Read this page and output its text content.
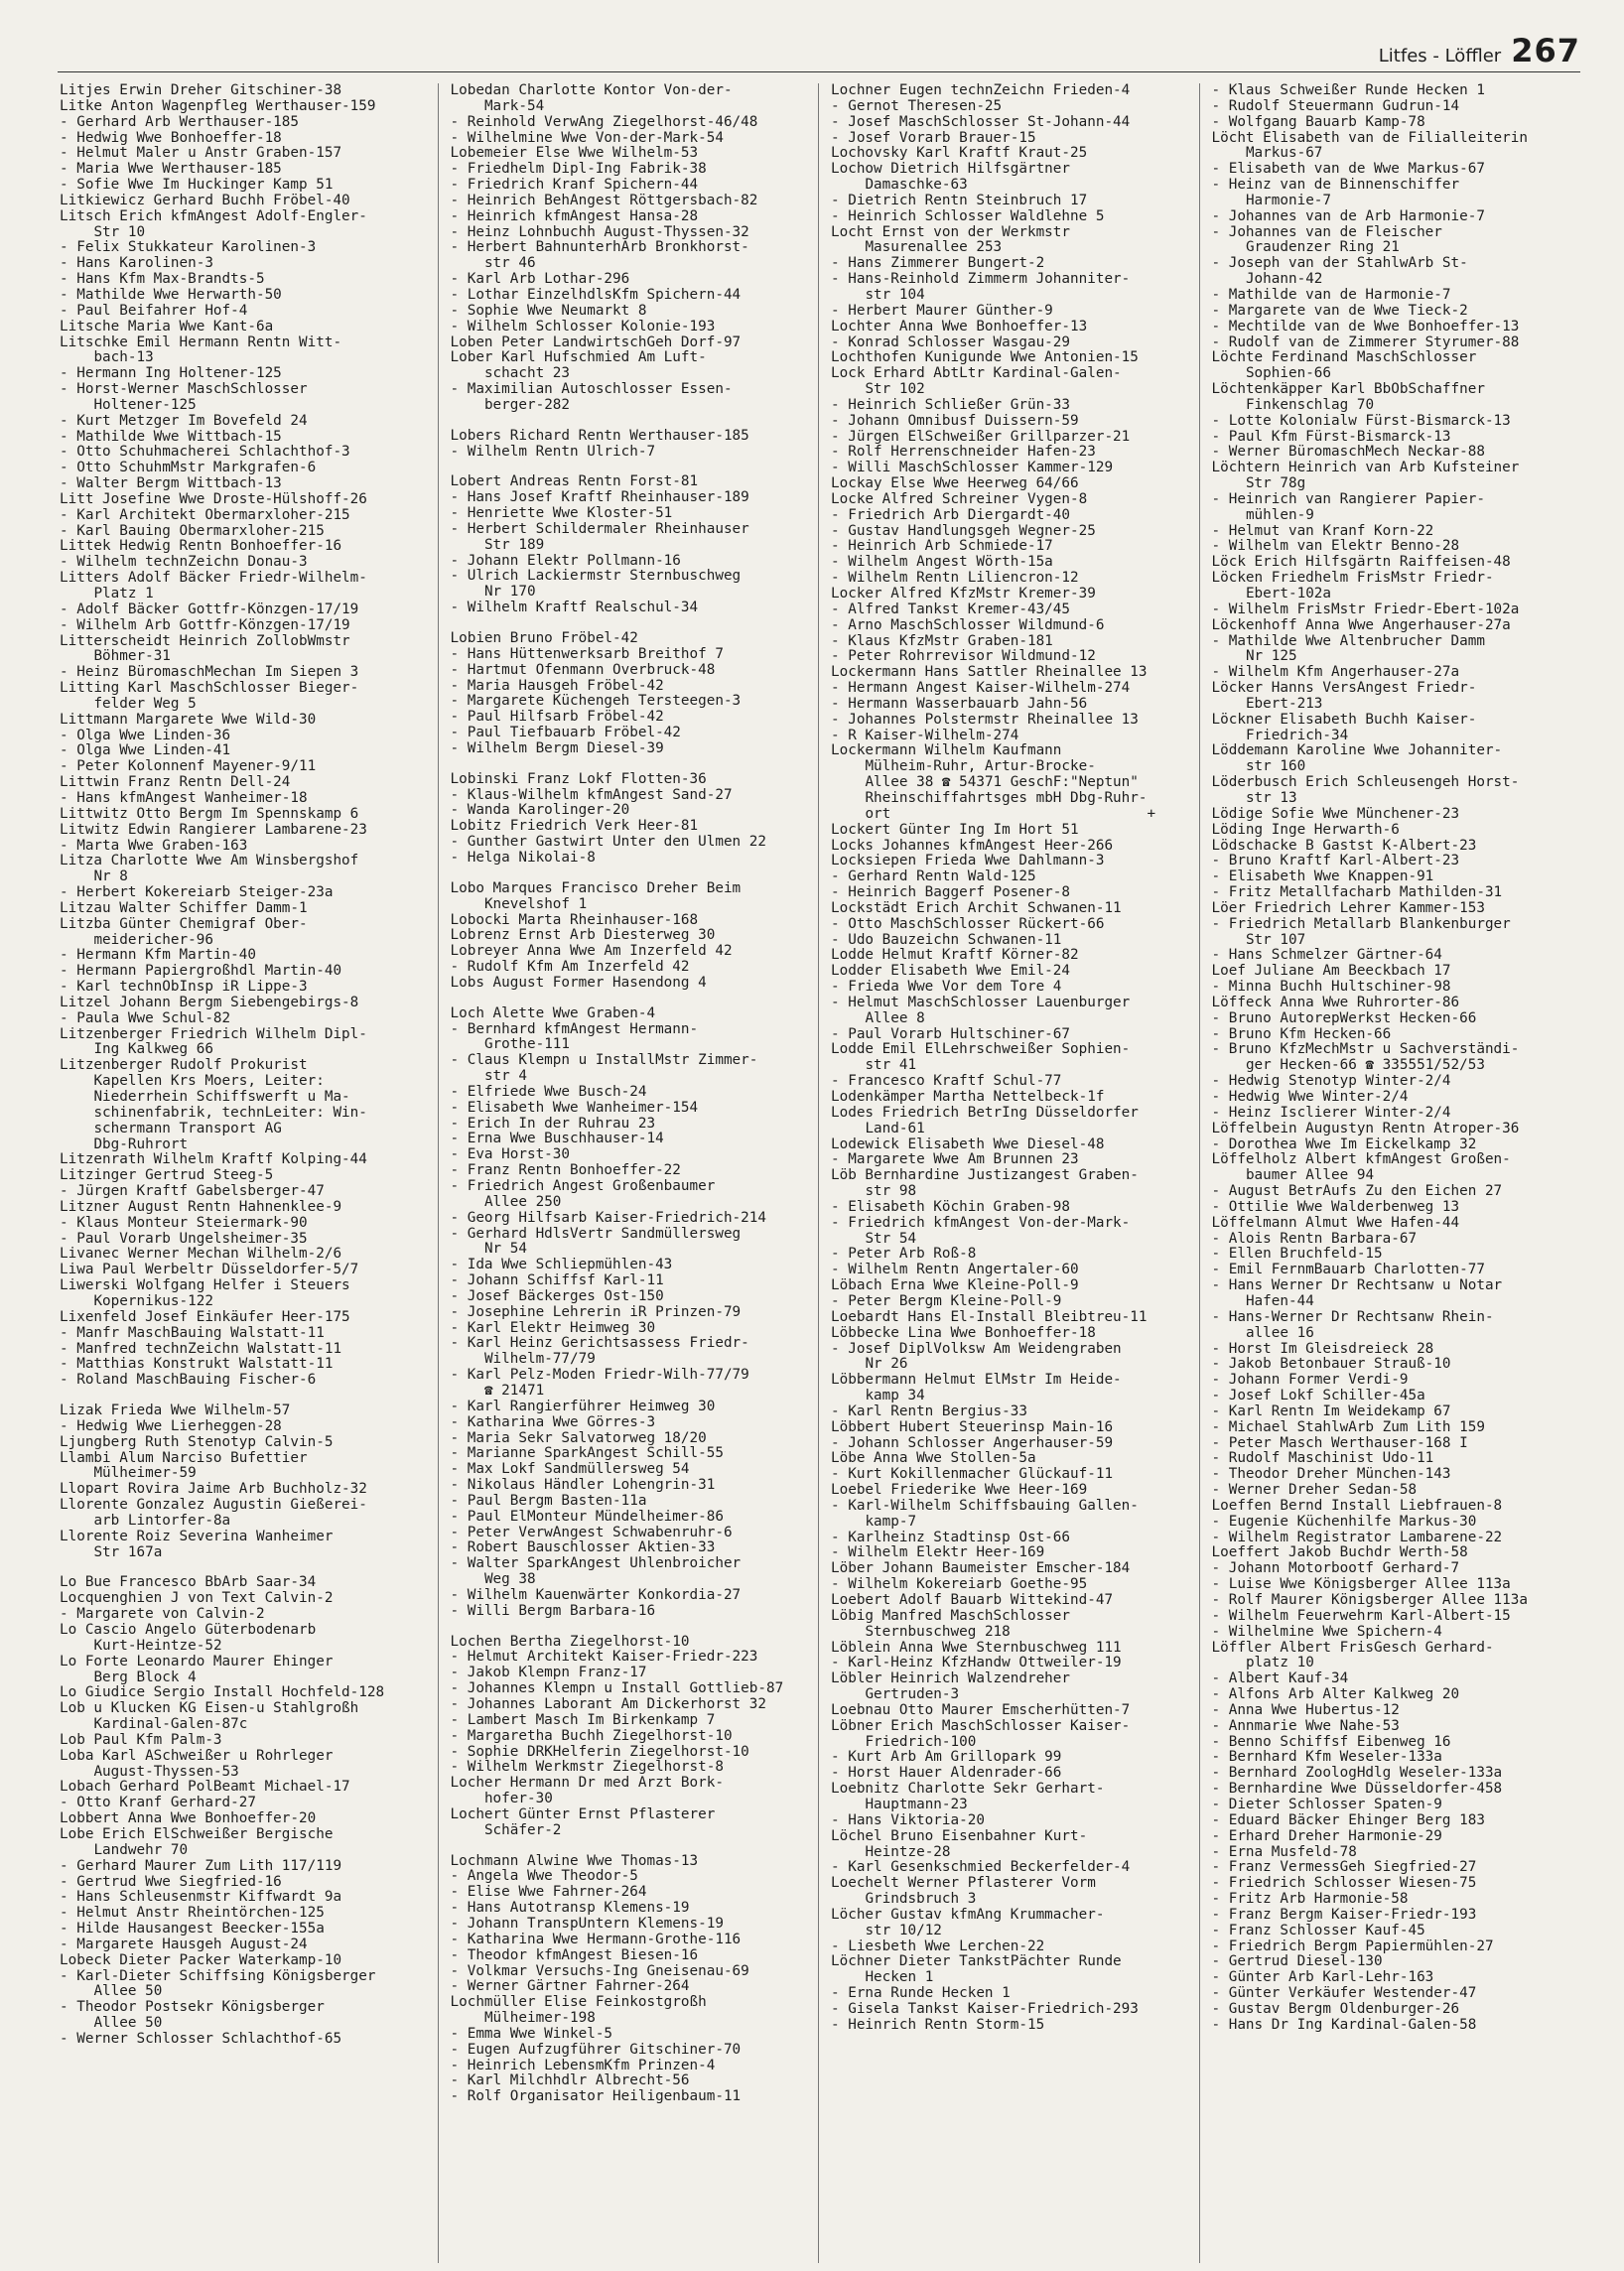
Litfes - Löffler 267
Litjes Erwin Dreher Gitschiner-38
Litke Anton Wagenpfleg Werthauser-159
- Gerhard Arb Werthauser-185
- Hedwig Wwe Bonhoeffer-18
- Helmut Maler u Anstr Graben-157
- Maria Wwe Werthauser-185
- Sofie Wwe Im Huckinger Kamp 51
Litkiewicz Gerhard Buchh Fröbel-40
Litsch Erich kfmAngest Adolf-Engler-
Str 10
- Felix Stukkateur Karolinen-3
- Hans Karolinen-3
- Hans Kfm Max-Brandts-5
- Mathilde Wwe Herwarth-50
- Paul Beifahrer Hof-4
Litsche Maria Wwe Kant-6a
Litschke Emil Hermann Rentn Witt-
bach-13
- Hermann Ing Holtener-125
- Horst-Werner MaschSchlosser
Holtener-125
- Kurt Metzger Im Bovefeld 24
- Mathilde Wwe Wittbach-15
- Otto Schuhmacherei Schlachthof-3
- Otto SchuhmMstr Markgrafen-6
- Walter Bergm Wittbach-13
Litt Josefine Wwe Droste-Hülshoff-26
- Karl Architekt Obermarxloher-215
- Karl Bauing Obermarxloher-215
Littek Hedwig Rentn Bonhoeffer-16
- Wilhelm technZeichn Donau-3
Litters Adolf Bäcker Friedr-Wilhelm-
Platz 1
- Adolf Bäcker Gottfr-Könzgen-17/19
- Wilhelm Arb Gottfr-Könzgen-17/19
Litterscheidt Heinrich ZollobWmstr
Böhmer-31
- Heinz BüromaschMechan Im Siepen 3
Litting Karl MaschSchlosser Bieger-
felder Weg 5
Littmann Margarete Wwe Wild-30
- Olga Wwe Linden-36
- Olga Wwe Linden-41
- Peter Kolonnenf Mayener-9/11
Littwin Franz Rentn Dell-24
- Hans kfmAngest Wanheimer-18
Littwitz Otto Bergm Im Spennskamp 6
Litwitz Edwin Rangierer Lambarene-23
- Marta Wwe Graben-163
Litza Charlotte Wwe Am Winsbergshof
Nr 8
- Herbert Kokereiarb Steiger-23a
Litzau Walter Schiffer Damm-1
Litzba Günter Chemigraf Ober-
meidericher-96
- Hermann Kfm Martin-40
- Hermann Papiergroßhdl Martin-40
- Karl technObInsp iR Lippe-3
Litzel Johann Bergm Siebengebirgs-8
- Paula Wwe Schul-82
Litzenberger Friedrich Wilhelm Dipl-
Ing Kalkweg 66
Litzenberger Rudolf Prokurist
Kapellen Krs Moers, Leiter:
Niederrhein Schiffswerft u Ma-
schinenfabrik, technLeiter: Win-
schermann Transport AG
Dbg-Ruhrort
Litzenrath Wilhelm Kraftf Kolping-44
Litzinger Gertrud Steeg-5
- Jürgen Kraftf Gabelsberger-47
Litzner August Rentn Hahnenklee-9
- Klaus Monteur Steiermark-90
- Paul Vorarb Ungelsheimer-35
Livanec Werner Mechan Wilhelm-2/6
Liwa Paul Werbeltr Düsseldorfer-5/7
Liwerski Wolfgang Helfer i Steuers
Kopernikus-122
Lixenfeld Josef Einkäufer Heer-175
- Manfr MaschBauing Walstatt-11
- Manfred technZeichn Walstatt-11
- Matthias Konstrukt Walstatt-11
- Roland MaschBauing Fischer-6
Lizak Frieda Wwe Wilhelm-57
- Hedwig Wwe Lierheggen-28
Ljungberg Ruth Stenotyp Calvin-5
Llambi Alum Narciso Bufettier
Mülheimer-59
Llopart Rovira Jaime Arb Buchholz-32
Llorente Gonzalez Augustin Gießerei-
arb Lintorfer-8a
Llorente Roiz Severina Wanheimer
Str 167a
Lo Bue Francesco BbArb Saar-34
Locquenghien J von Text Calvin-2
- Margarete von Calvin-2
Lo Cascio Angelo Güterbodenarb
Kurt-Heintze-52
Lo Forte Leonardo Maurer Ehinger
Berg Block 4
Lo Giudice Sergio Install Hochfeld-128
Lob u Klucken KG Eisen-u Stahlgroßh
Kardinal-Galen-87c
Lob Paul Kfm Palm-3
Loba Karl ASchweißer u Rohrleger
August-Thyssen-53
Lobach Gerhard PolBeamt Michael-17
- Otto Kranf Gerhard-27
Lobbert Anna Wwe Bonhoeffer-20
Lobe Erich ElSchweißer Bergische
Landwehr 70
- Gerhard Maurer Zum Lith 117/119
- Gertrud Wwe Siegfried-16
- Hans Schleusenmstr Kiffwardt 9a
- Helmut Anstr Rheintörchen-125
- Hilde Hausangest Beecker-155a
- Margarete Hausgeh August-24
Lobeck Dieter Packer Waterkamp-10
- Karl-Dieter Schiffsing Königsberger
Allee 50
- Theodor Postsekr Königsberger
Allee 50
- Werner Schlosser Schlachthof-65
Lobedan Charlotte Kontor Von-der-
Mark-54
- Reinhold VerwAng Ziegelhorst-46/48
- Wilhelmine Wwe Von-der-Mark-54
Lobemeier Else Wwe Wilhelm-53
- Friedhelm Dipl-Ing Fabrik-38
- Friedrich Kranf Spichern-44
- Heinrich BehAngest Röttgersbach-82
- Heinrich kfmAngest Hansa-28
- Heinz Lohnbuchh August-Thyssen-32
- Herbert BahnunterhArb Bronkhorst-
str 46
- Karl Arb Lothar-296
- Lothar EinzelhdlsKfm Spichern-44
- Sophie Wwe Neumarkt 8
- Wilhelm Schlosser Kolonie-193
Loben Peter LandwirtschGeh Dorf-97
Lober Karl Hufschmied Am Luft-
schacht 23
- Maximilian Autoschlosser Essen-
berger-282
Lobers Richard Rentn Werthauser-185
- Wilhelm Rentn Ulrich-7
Lobert Andreas Rentn Forst-81
- Hans Josef Kraftf Rheinhauser-189
- Henriette Wwe Kloster-51
- Herbert Schildermaler Rheinhauser
Str 189
- Johann Elektr Pollmann-16
- Ulrich Lackiermstr Sternbuschweg
Nr 170
- Wilhelm Kraftf Realschul-34
Lobien Bruno Fröbel-42
- Hans Hüttenwerksarb Breithof 7
- Hartmut Ofenmann Overbruck-48
- Maria Hausgeh Fröbel-42
- Margarete Küchengeh Tersteegen-3
- Paul Hilfsarb Fröbel-42
- Paul Tiefbauarb Fröbel-42
- Wilhelm Bergm Diesel-39
Lobinski Franz Lokf Flotten-36
- Klaus-Wilhelm kfmAngest Sand-27
- Wanda Karolinger-20
Lobitz Friedrich Verk Heer-81
- Gunther Gastwirt Unter den Ulmen 22
- Helga Nikolai-8
Lobo Marques Francisco Dreher Beim
Knevelshof 1
Lobocki Marta Rheinhauser-168
Lobrenz Ernst Arb Diesterweg 30
Lobreyer Anna Wwe Am Inzerfeld 42
- Rudolf Kfm Am Inzerfeld 42
Lobs August Former Hasendong 4
Loch Alette Wwe Graben-4
- Bernhard kfmAngest Hermann-
Grothe-111
- Claus Klempn u InstallMstr Zimmer-
str 4
- Elfriede Wwe Busch-24
- Elisabeth Wwe Wanheimer-154
- Erich In der Ruhrau 23
- Erna Wwe Buschhauser-14
- Eva Horst-30
- Franz Rentn Bonhoeffer-22
- Friedrich Angest Großenbaumer
Allee 250
- Georg Hilfsarb Kaiser-Friedrich-214
- Gerhard HdlsVertr Sandmüllersweg
Nr 54
- Ida Wwe Schliepmühlen-43
- Johann Schiffsf Karl-11
- Josef Bäckerges Ost-150
- Josephine Lehrerin iR Prinzen-79
- Karl Elektr Heimweg 30
- Karl Heinz Gerichtsassess Friedr-
Wilhelm-77/79
- Karl Pelz-Moden Friedr-Wilh-77/79
☎ 21471
- Karl Rangierführer Heimweg 30
- Katharina Wwe Görres-3
- Maria Sekr Salvatorweg 18/20
- Marianne SparkAngest Schill-55
- Max Lokf Sandmüllersweg 54
- Nikolaus Händler Lohengrin-31
- Paul Bergm Basten-11a
- Paul ElMonteur Mündelheimer-86
- Peter VerwAngest Schwabenruhr-6
- Robert Bauschlosser Aktien-33
- Walter SparkAngest Uhlenbroicher
Weg 38
- Wilhelm Kauenwärter Konkordia-27
- Willi Bergm Barbara-16
Lochen Bertha Ziegelhorst-10
- Helmut Architekt Kaiser-Friedr-223
- Jakob Klempn Franz-17
- Johannes Klempn u Install Gottlieb-87
- Johannes Laborant Am Dickerhorst 32
- Lambert Masch Im Birkenkamp 7
- Margaretha Buchh Ziegelhorst-10
- Sophie DRKHelferin Ziegelhorst-10
- Wilhelm Werkmstr Ziegelhorst-8
Locher Hermann Dr med Arzt Bork-
hofer-30
Lochert Günter Ernst Pflasterer
Schäfer-2
Lochmann Alwine Wwe Thomas-13
- Angela Wwe Theodor-5
- Elise Wwe Fahrner-264
- Hans Autotransp Klemens-19
- Johann TranspUntern Klemens-19
- Katharina Wwe Hermann-Grothe-116
- Theodor kfmAngest Biesen-16
- Volkmar Versuchs-Ing Gneisenau-69
- Werner Gärtner Fahrner-264
Lochmüller Elise Feinkostgroßh
Mülheimer-198
- Emma Wwe Winkel-5
- Eugen Aufzugführer Gitschiner-70
- Heinrich LebensmKfm Prinzen-4
- Karl Milchhdlr Albrecht-56
- Rolf Organisator Heiligenbaum-11
Lochner Eugen technZeichn Frieden-4
- Gernot Theresen-25
- Josef MaschSchlosser St-Johann-44
- Josef Vorarb Brauer-15
Lochovsky Karl Kraftf Kraut-25
Lochow Dietrich Hilfsgärtner
Damaschke-63
- Dietrich Rentn Steinbruch 17
- Heinrich Schlosser Waldlehne 5
Locht Ernst von der Werkmstr
Masurenallee 253
- Hans Zimmerer Bungert-2
- Hans-Reinhold Zimmerm Johanniter-
str 104
- Herbert Maurer Günther-9
Lochter Anna Wwe Bonhoeffer-13
- Konrad Schlosser Wasgau-29
Lochthofen Kunigunde Wwe Antonien-15
Lock Erhard AbtLtr Kardinal-Galen-
Str 102
- Heinrich Schließer Grün-33
- Johann Omnibusf Duissern-59
- Jürgen ElSchweißer Grillparzer-21
- Rolf Herrenschneider Hafen-23
- Willi MaschSchlosser Kammer-129
Lockay Else Wwe Heerweg 64/66
Locke Alfred Schreiner Vygen-8
- Friedrich Arb Diergardt-40
- Gustav Handlungsgeh Wegner-25
- Heinrich Arb Schmiede-17
- Wilhelm Angest Wörth-15a
- Wilhelm Rentn Liliencron-12
Locker Alfred KfzMstr Kremer-39
- Alfred Tankst Kremer-43/45
- Arno MaschSchlosser Wildmund-6
- Klaus KfzMstr Graben-181
- Peter Rohrrevisor Wildmund-12
Lockermann Hans Sattler Rheinallee 13
- Hermann Angest Kaiser-Wilhelm-274
- Hermann Wasserbauarb Jahn-56
- Johannes Polstermstr Rheinallee 13
- R Kaiser-Wilhelm-274
Lockermann Wilhelm Kaufmann
Mülheim-Ruhr, Artur-Brocke-
Allee 38 ☎ 54371 GeschF:"Neptun"
Rheinschiffahrtsges mbH Dbg-Ruhr-
ort                              +
Lockert Günter Ing Im Hort 51
Locks Johannes kfmAngest Heer-266
Locksiepen Frieda Wwe Dahlmann-3
- Gerhard Rentn Wald-125
- Heinrich Baggerf Posener-8
Lockstädt Erich Archit Schwanen-11
- Otto MaschSchlosser Rückert-66
- Udo Bauzeichn Schwanen-11
Lodde Helmut Kraftf Körner-82
Lodder Elisabeth Wwe Emil-24
- Frieda Wwe Vor dem Tore 4
- Helmut MaschSchlosser Lauenburger
Allee 8
- Paul Vorarb Hultschiner-67
Lodde Emil ElLehrschweißer Sophien-
str 41
- Francesco Kraftf Schul-77
Lodenkämper Martha Nettelbeck-1f
Lodes Friedrich BetrIng Düsseldorfer
Land-61
Lodewick Elisabeth Wwe Diesel-48
- Margarete Wwe Am Brunnen 23
Löb Bernhardine Justizangest Graben-
str 98
- Elisabeth Köchin Graben-98
- Friedrich kfmAngest Von-der-Mark-
Str 54
- Peter Arb Roß-8
- Wilhelm Rentn Angertaler-60
Löbach Erna Wwe Kleine-Poll-9
- Peter Bergm Kleine-Poll-9
Loebardt Hans El-Install Bleibtreu-11
Löbbecke Lina Wwe Bonhoeffer-18
- Josef DiplVolksw Am Weidengraben
Nr 26
Löbbermann Helmut ElMstr Im Heide-
kamp 34
- Karl Rentn Bergius-33
Löbbert Hubert Steuerinsp Main-16
- Johann Schlosser Angerhauser-59
Löbe Anna Wwe Stollen-5a
- Kurt Kokillenmacher Glückauf-11
Loebel Friederike Wwe Heer-169
- Karl-Wilhelm Schiffsbauing Gallen-
kamp-7
- Karlheinz Stadtinsp Ost-66
- Wilhelm Elektr Heer-169
Löber Johann Baumeister Emscher-184
- Wilhelm Kokereiarb Goethe-95
Loebert Adolf Bauarb Wittekind-47
Löbig Manfred MaschSchlosser
Sternbuschweg 218
Löblein Anna Wwe Sternbuschweg 111
- Karl-Heinz KfzHandw Ottweiler-19
Löbler Heinrich Walzendreher
Gertruden-3
Loebnau Otto Maurer Emscherhütten-7
Löbner Erich MaschSchlosser Kaiser-
Friedrich-100
- Kurt Arb Am Grillopark 99
- Horst Hauer Aldenrader-66
Loebnitz Charlotte Sekr Gerhart-
Hauptmann-23
- Hans Viktoria-20
Löchel Bruno Eisenbahner Kurt-
Heintze-28
- Karl Gesenkschmied Beckerfelder-4
Loechelt Werner Pflasterer Vorm
Grindsbruch 3
Löcher Gustav kfmAng Krummacher-
str 10/12
- Liesbeth Wwe Lerchen-22
Löchner Dieter TankstPächter Runde
Hecken 1
- Erna Runde Hecken 1
- Gisela Tankst Kaiser-Friedrich-293
- Heinrich Rentn Storm-15
- Klaus Schweißer Runde Hecken 1
- Rudolf Steuermann Gudrun-14
- Wolfgang Bauarb Kamp-78
Löcht Elisabeth van de Filialleiterin
Markus-67
- Elisabeth van de Wwe Markus-67
- Heinz van de Binnenschiffer
Harmonie-7
- Johannes van de Arb Harmonie-7
- Johannes van de Fleischer
Graudenzer Ring 21
- Joseph van der StahlwArb St-
Johann-42
- Mathilde van de Harmonie-7
- Margarete van de Wwe Tieck-2
- Mechtilde van de Wwe Bonhoeffer-13
- Rudolf van de Zimmerer Styrumer-88
Löchte Ferdinand MaschSchlosser
Sophien-66
Löchtenkäpper Karl BbObSchaffner
Finkenschlag 70
- Lotte Kolonialw Fürst-Bismarck-13
- Paul Kfm Fürst-Bismarck-13
- Werner BüromaschMech Neckar-88
Löchtern Heinrich van Arb Kufsteiner
Str 78g
- Heinrich van Rangierer Papier-
mühlen-9
- Helmut van Kranf Korn-22
- Wilhelm van Elektr Benno-28
Löck Erich Hilfsgärtn Raiffeisen-48
Löcken Friedhelm FrisMstr Friedr-
Ebert-102a
- Wilhelm FrisMstr Friedr-Ebert-102a
Löckenhoff Anna Wwe Angerhauser-27a
- Mathilde Wwe Altenbrucher Damm
Nr 125
- Wilhelm Kfm Angerhauser-27a
Löcker Hanns VersAngest Friedr-
Ebert-213
Löckner Elisabeth Buchh Kaiser-
Friedrich-34
Löddemann Karoline Wwe Johanniter-
str 160
Löderbusch Erich Schleusengeh Horst-
str 13
Lödige Sofie Wwe Münchener-23
Löding Inge Herwarth-6
Lödschacke B Gastst K-Albert-23
- Bruno Kraftf Karl-Albert-23
- Elisabeth Wwe Knappen-91
- Fritz Metallfacharb Mathilden-31
Löer Friedrich Lehrer Kammer-153
- Friedrich Metallarb Blankenburger
Str 107
- Hans Schmelzer Gärtner-64
Loef Juliane Am Beeckbach 17
- Minna Buchh Hultschiner-98
Löffeck Anna Wwe Ruhrorter-86
- Bruno AutorepWerkst Hecken-66
- Bruno Kfm Hecken-66
- Bruno KfzMechMstr u Sachverständi-
ger Hecken-66 ☎ 335551/52/53
- Hedwig Stenotyp Winter-2/4
- Hedwig Wwe Winter-2/4
- Heinz Isclierer Winter-2/4
Löffelbein Augustyn Rentn Atroper-36
- Dorothea Wwe Im Eickelkamp 32
Löffelholz Albert kfmAngest Großen-
baumer Allee 94
- August BetrAufs Zu den Eichen 27
- Ottilie Wwe Walderbenweg 13
Löffelmann Almut Wwe Hafen-44
- Alois Rentn Barbara-67
- Ellen Bruchfeld-15
- Emil FernmBauarb Charlotten-77
- Hans Werner Dr Rechtsanw u Notar
Hafen-44
- Hans-Werner Dr Rechtsanw Rhein-
allee 16
- Horst Im Gleisdreieck 28
- Jakob Betonbauer Strauß-10
- Johann Former Verdi-9
- Josef Lokf Schiller-45a
- Karl Rentn Im Weidekamp 67
- Michael StahlwArb Zum Lith 159
- Peter Masch Werthauser-168 I
- Rudolf Maschinist Udo-11
- Theodor Dreher München-143
- Werner Dreher Sedan-58
Loeffen Bernd Install Liebfrauen-8
- Eugenie Küchenhilfe Markus-30
- Wilhelm Registrator Lambarene-22
Loeffert Jakob Buchdr Werth-58
- Johann Motorbootf Gerhard-7
- Luise Wwe Königsberger Allee 113a
- Rolf Maurer Königsberger Allee 113a
- Wilhelm Feuerwehrm Karl-Albert-15
- Wilhelmine Wwe Spichern-4
Löffler Albert FrisGesch Gerhard-
platz 10
- Albert Kauf-34
- Alfons Arb Alter Kalkweg 20
- Anna Wwe Hubertus-12
- Annmarie Wwe Nahe-53
- Benno Schiffsf Eibenweg 16
- Bernhard Kfm Weseler-133a
- Bernhard ZoologHdlg Weseler-133a
- Bernhardine Wwe Düsseldorfer-458
- Dieter Schlosser Spaten-9
- Eduard Bäcker Ehinger Berg 183
- Erhard Dreher Harmonie-29
- Erna Musfeld-78
- Franz VermessGeh Siegfried-27
- Friedrich Schlosser Wiesen-75
- Fritz Arb Harmonie-58
- Franz Bergm Kaiser-Friedr-193
- Franz Schlosser Kauf-45
- Friedrich Bergm Papiermühlen-27
- Gertrud Diesel-130
- Günter Arb Karl-Lehr-163
- Günter Verkäufer Westender-47
- Gustav Bergm Oldenburger-26
- Hans Dr Ing Kardinal-Galen-58
